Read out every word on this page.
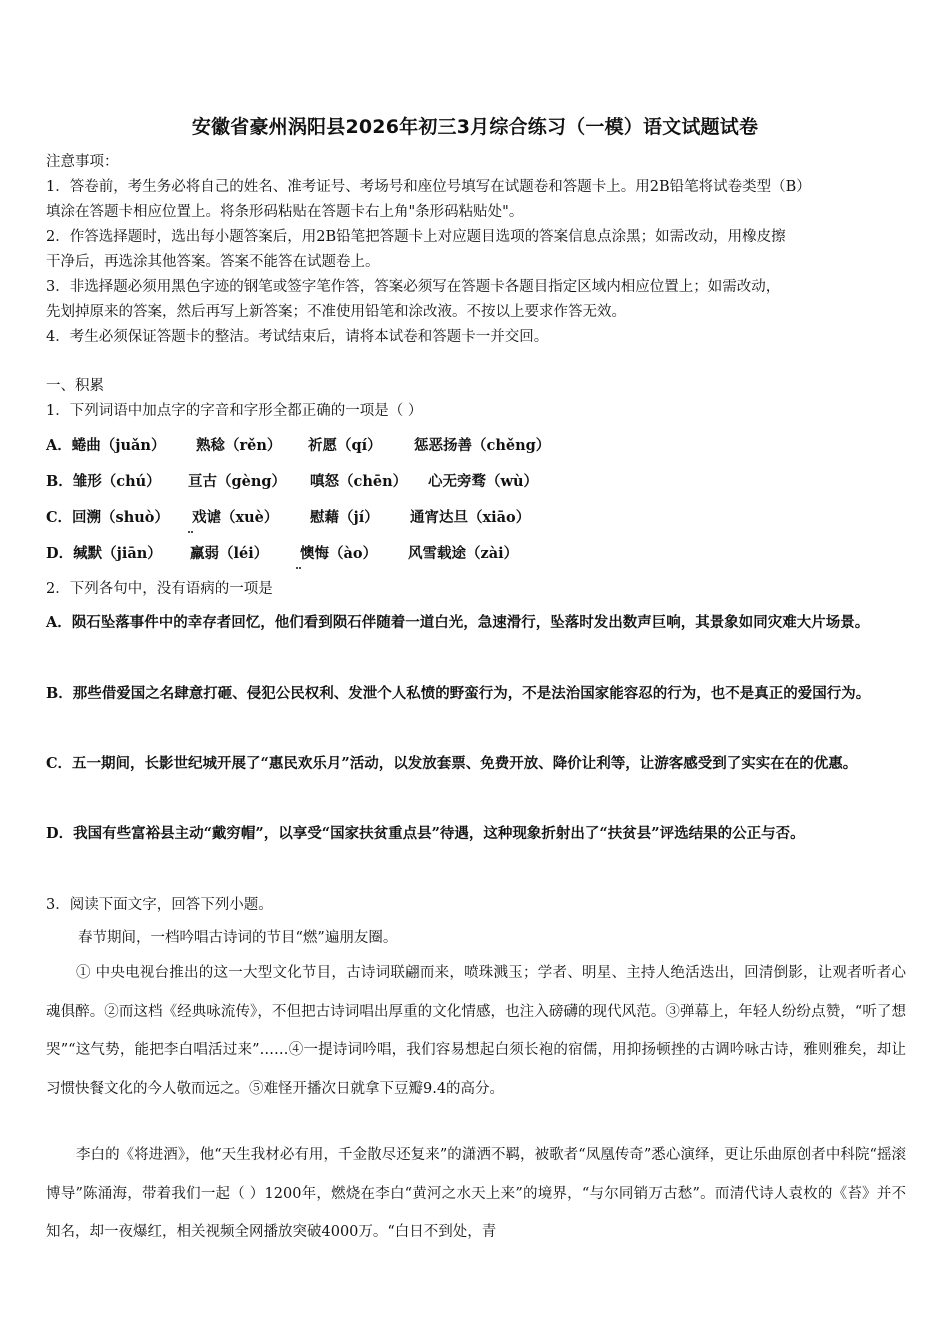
安徽省豪州涡阳县2026年初三3月综合练习（一模）语文试题试卷
注意事项：
1．答卷前，考生务必将自己的姓名、准考证号、考场号和座位号填写在试题卷和答题卡上。用2B铅笔将试卷类型（B）
填涂在答题卡相应位置上。将条形码粘贴在答题卡右上角"条形码粘贴处"。
2．作答选择题时，选出每小题答案后，用2B铅笔把答题卡上对应题目选项的答案信息点涂黑；如需改动，用橡皮擦
干净后，再选涂其他答案。答案不能答在试题卷上。
3．非选择题必须用黑色字迹的钢笔或签字笔作答，答案必须写在答题卡各题目指定区域内相应位置上；如需改动，
先划掉原来的答案，然后再写上新答案；不准使用铅笔和涂改液。不按以上要求作答无效。
4．考生必须保证答题卡的整洁。考试结束后，请将本试卷和答题卡一并交回。
一、积累
1．下列词语中加点字的字音和字形全都正确的一项是（ ）
A．蜷曲（juǎn） 熟稔（rěn） 祈愿（qí） 惩恶扬善（chěng）
B．雏形（chú） 亘古（gèng） 嗔怒（chēn） 心无旁骛（wù）
C．回溯（shuò） 戏谑（xuè） 慰藉（jí） 通宵达旦（xiāo）
D．缄默（jiān） 羸弱（léi） 懊悔（ào） 风雪载途（zài）
2．下列各句中，没有语病的一项是
A．陨石坠落事件中的幸存者回忆，他们看到陨石伴随着一道白光，急速滑行，坠落时发出数声巨响，其景象如同灾难大片场景。
B．那些借爱国之名肆意打砸、侵犯公民权利、发泄个人私愤的野蛮行为，不是法治国家能容忍的行为，也不是真正的爱国行为。
C．五一期间，长影世纪城开展了“惠民欢乐月”活动，以发放套票、免费开放、降价让利等，让游客感受到了实实在在的优惠。
D．我国有些富裕县主动“戴穷帽”，以享受“国家扶贫重点县”待遇，这种现象折射出了“扶贫县”评选结果的公正与否。
3．阅读下面文字，回答下列小题。
春节期间，一档吟唱古诗词的节目“燃”遍朋友圈。
① 中央电视台推出的这一大型文化节目，古诗词联翩而来，喷珠溅玉；学者、明星、主持人绝活迭出，回清倒影，让观者听者心魂俱醉。②而这档《经典咏流传》，不但把古诗词唱出厚重的文化情感，也注入磅礴的现代风范。③弹幕上，年轻人纷纷点赞，“听了想哭”“这气势，能把李白唱活过来”……④一提诗词吟唱，我们容易想起白须长袍的宿儒，用抑扬顿挫的古调吟咏古诗，雅则雅矣，却让习惯快餐文化的今人敬而远之。⑤难怪开播次日就拿下豆瓣9.4的高分。
李白的《将进酒》，他“天生我材必有用，千金散尽还复来”的潇洒不羁，被歌者“凤凰传奇”悉心演绎，更让乐曲原创者中科院“摇滚博导”陈涌海，带着我们一起（ ）1200年，燃烧在李白“黄河之水天上来”的境界，“与尔同销万古愁”。而清代诗人袁枚的《苔》并不知名，却一夜爆红，相关视频全网播放突破4000万。“白日不到处，青
